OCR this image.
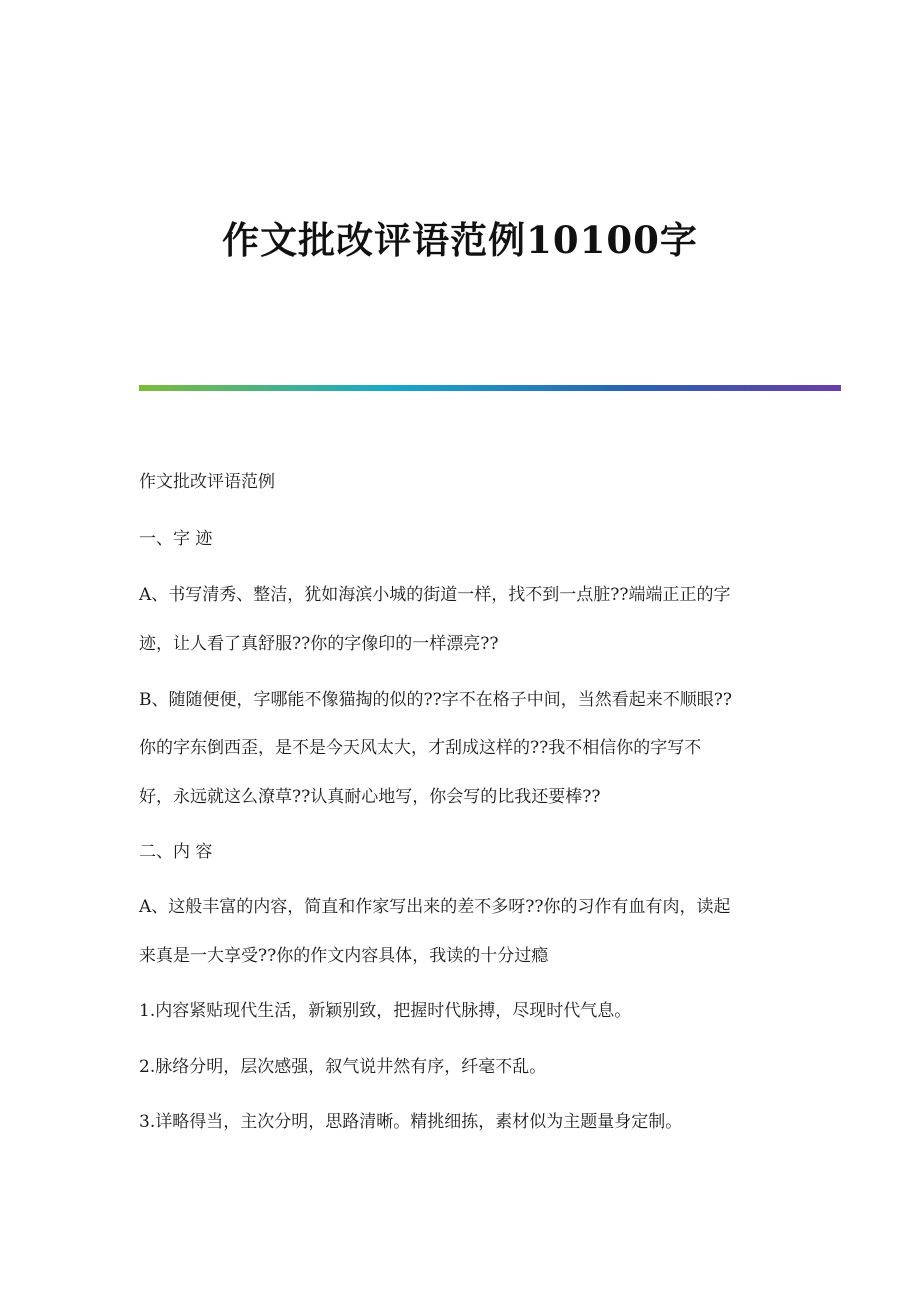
作文批改评语范例10100字
作文批改评语范例
一、字 迹
A、书写清秀、整洁，犹如海滨小城的街道一样，找不到一点脏??端端正正的字
迹，让人看了真舒服??你的字像印的一样漂亮??
B、随随便便，字哪能不像猫掏的似的??字不在格子中间，当然看起来不顺眼??
你的字东倒西歪，是不是今天风太大，才刮成这样的??我不相信你的字写不
好，永远就这么潦草??认真耐心地写，你会写的比我还要棒??
二、内 容
A、这般丰富的内容，简直和作家写出来的差不多呀??你的习作有血有肉，读起
来真是一大享受??你的作文内容具体，我读的十分过瘾
1.内容紧贴现代生活，新颖别致，把握时代脉搏，尽现时代气息。
2.脉络分明，层次感强，叙气说井然有序，纤毫不乱。
3.详略得当，主次分明，思路清晰。精挑细拣，素材似为主题量身定制。
